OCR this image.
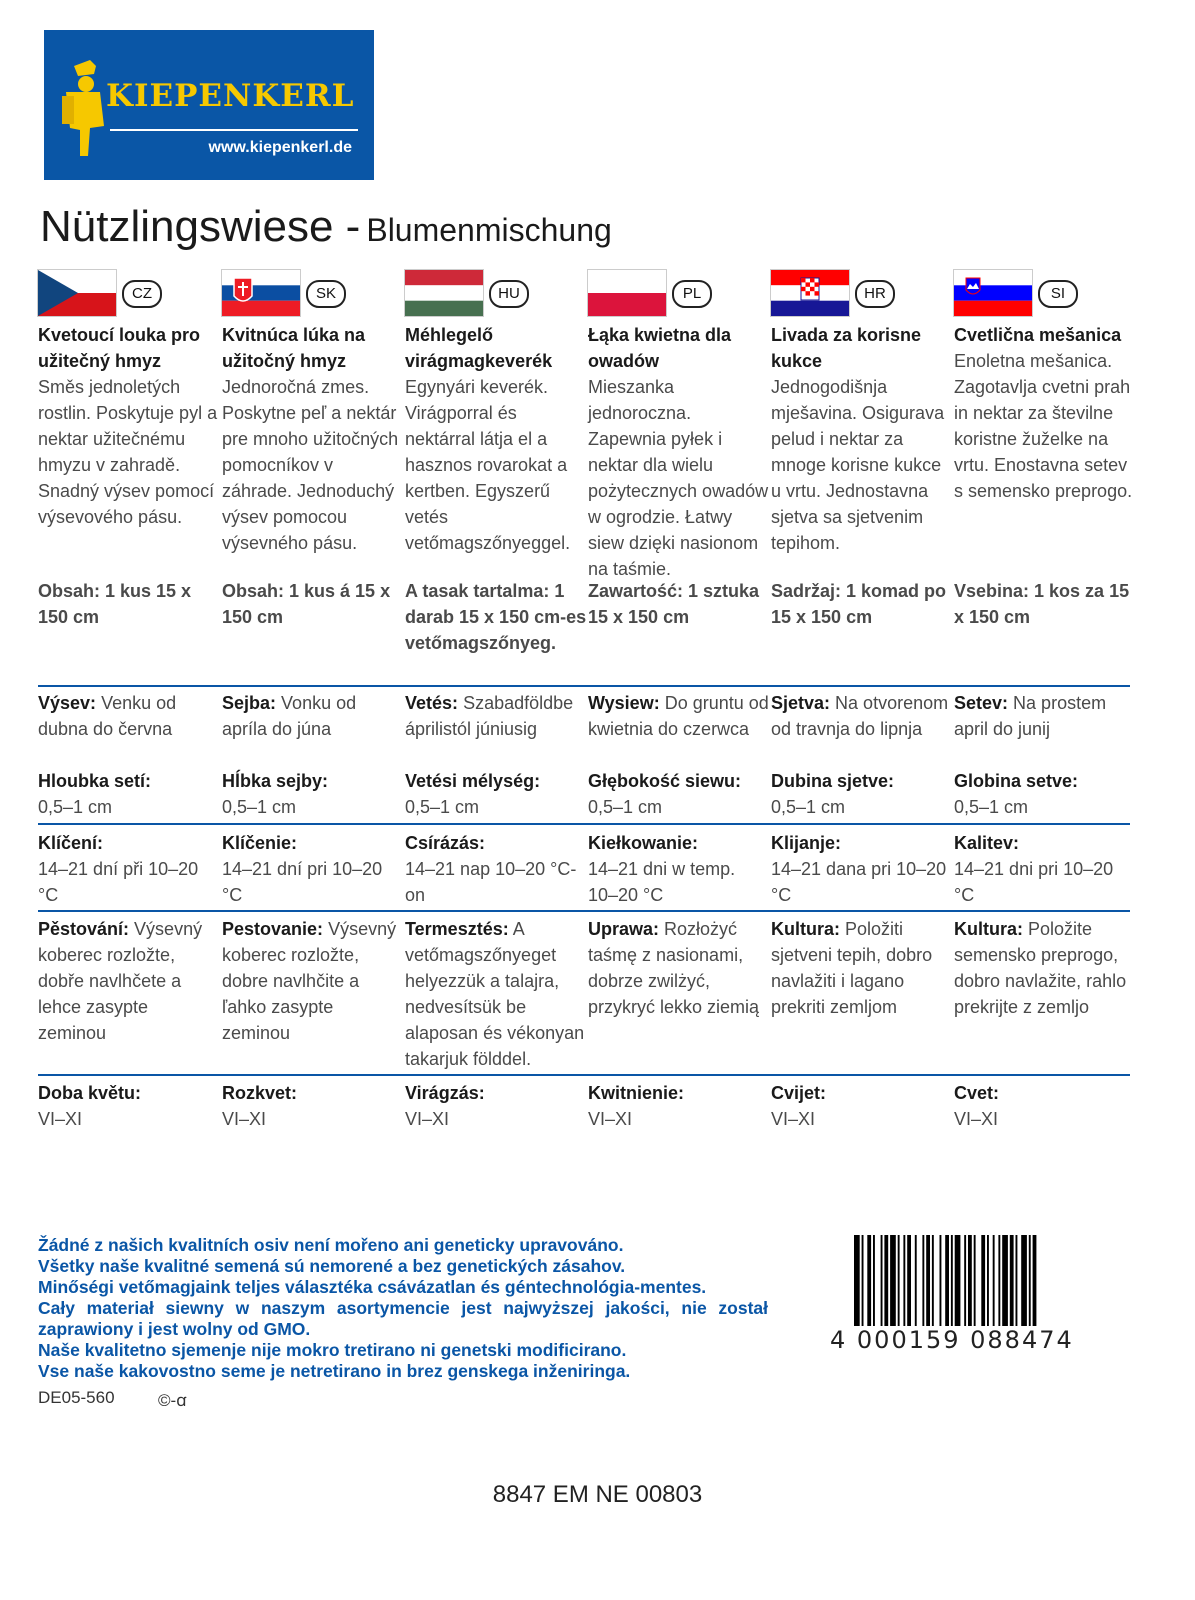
KIEPENKERL
www.kiepenkerl.de
Nützlingswiese - Blumenmischung
CZ
Kvetoucí louka pro užitečný hmyz
Směs jednoletých rostlin. Poskytuje pyl a nektar užitečnému hmyzu v zahradě. Snadný výsev pomocí výsevového pásu.
SK
Kvitnúca lúka na užitočný hmyz
Jednoročná zmes. Poskytne peľ a nektár pre mnoho užitočných pomocníkov v záhrade. Jednoduchý výsev pomocou výsevného pásu.
HU
Méhlegelő virágmagkeverék
Egynyári keverék. Virágporral és nektárral látja el a hasznos rovarokat a kertben. Egyszerű vetés vetőmagszőnyeggel.
PL
Łąka kwietna dla owadów
Mieszanka jednoroczna. Zapewnia pyłek i nektar dla wielu pożytecznych owadów w ogrodzie. Łatwy siew dzięki nasionom na taśmie.
HR
Livada za korisne kukce
Jednogodišnja mješavina. Osigurava pelud i nektar za mnoge korisne kukce u vrtu. Jednostavna sjetva sa sjetvenim tepihom.
SI
Cvetlična mešanica
Enoletna mešanica. Zagotavlja cvetni prah in nektar za številne koristne žuželke na vrtu. Enostavna setev s semensko preprogo.
Obsah: 1 kus 15 x 150 cm
Obsah: 1 kus á 15 x 150 cm
A tasak tartalma: 1 darab 15 x 150 cm-es vetőmagszőnyeg.
Zawartość: 1 sztuka 15 x 150 cm
Sadržaj: 1 komad po 15 x 150 cm
Vsebina: 1 kos za 15 x 150 cm
Výsev: Venku od dubna do června
Sejba: Vonku od apríla do júna
Vetés: Szabadföldbe áprilistól júniusig
Wysiew: Do gruntu od kwietnia do czerwca
Sjetva: Na otvorenom od travnja do lipnja
Setev: Na prostem april do junij
Hloubka setí:
0,5–1 cm
Hĺbka sejby:
0,5–1 cm
Vetési mélység:
0,5–1 cm
Głębokość siewu:
0,5–1 cm
Dubina sjetve:
0,5–1 cm
Globina setve:
0,5–1 cm
Klíčení:
14–21 dní při 10–20 °C
Klíčenie:
14–21 dní pri 10–20 °C
Csírázás:
14–21 nap 10–20 °C-on
Kiełkowanie:
14–21 dni w temp. 10–20 °C
Klijanje:
14–21 dana pri 10–20 °C
Kalitev:
14–21 dni pri 10–20 °C
Pěstování: Výsevný koberec rozložte, dobře navlhčete a lehce zasypte zeminou
Pestovanie: Výsevný koberec rozložte, dobre navlhčite a ľahko zasypte zeminou
Termesztés: A vetőmagszőnyeget helyezzük a talajra, nedvesítsük be alaposan és vékonyan takarjuk földdel.
Uprawa: Rozłożyć taśmę z nasionami, dobrze zwilżyć, przykryć lekko ziemią
Kultura: Položiti sjetveni tepih, dobro navlažiti i lagano prekriti zemljom
Kultura: Položite semensko preprogo, dobro navlažite, rahlo prekrijte z zemljo
Doba květu:
VI–XI
Rozkvet:
VI–XI
Virágzás:
VI–XI
Kwitnienie:
VI–XI
Cvijet:
VI–XI
Cvet:
VI–XI
Žádné z našich kvalitních osiv není mořeno ani geneticky upravováno.
Všetky naše kvalitné semená sú nemorené a bez genetických zásahov.
Minőségi vetőmagjaink teljes választéka csávázatlan és géntechnológia-mentes.
Cały materiał siewny w naszym asortymencie jest najwyższej jakości, nie został zaprawiony i jest wolny od GMO.
Naše kvalitetno sjemenje nije mokro tretirano ni genetski modificirano.
Vse naše kakovostno seme je netretirano in brez genskega inženiringa.
DE05-560	©-ꭤ
4 000159 088474
8847 EM NE 00803
